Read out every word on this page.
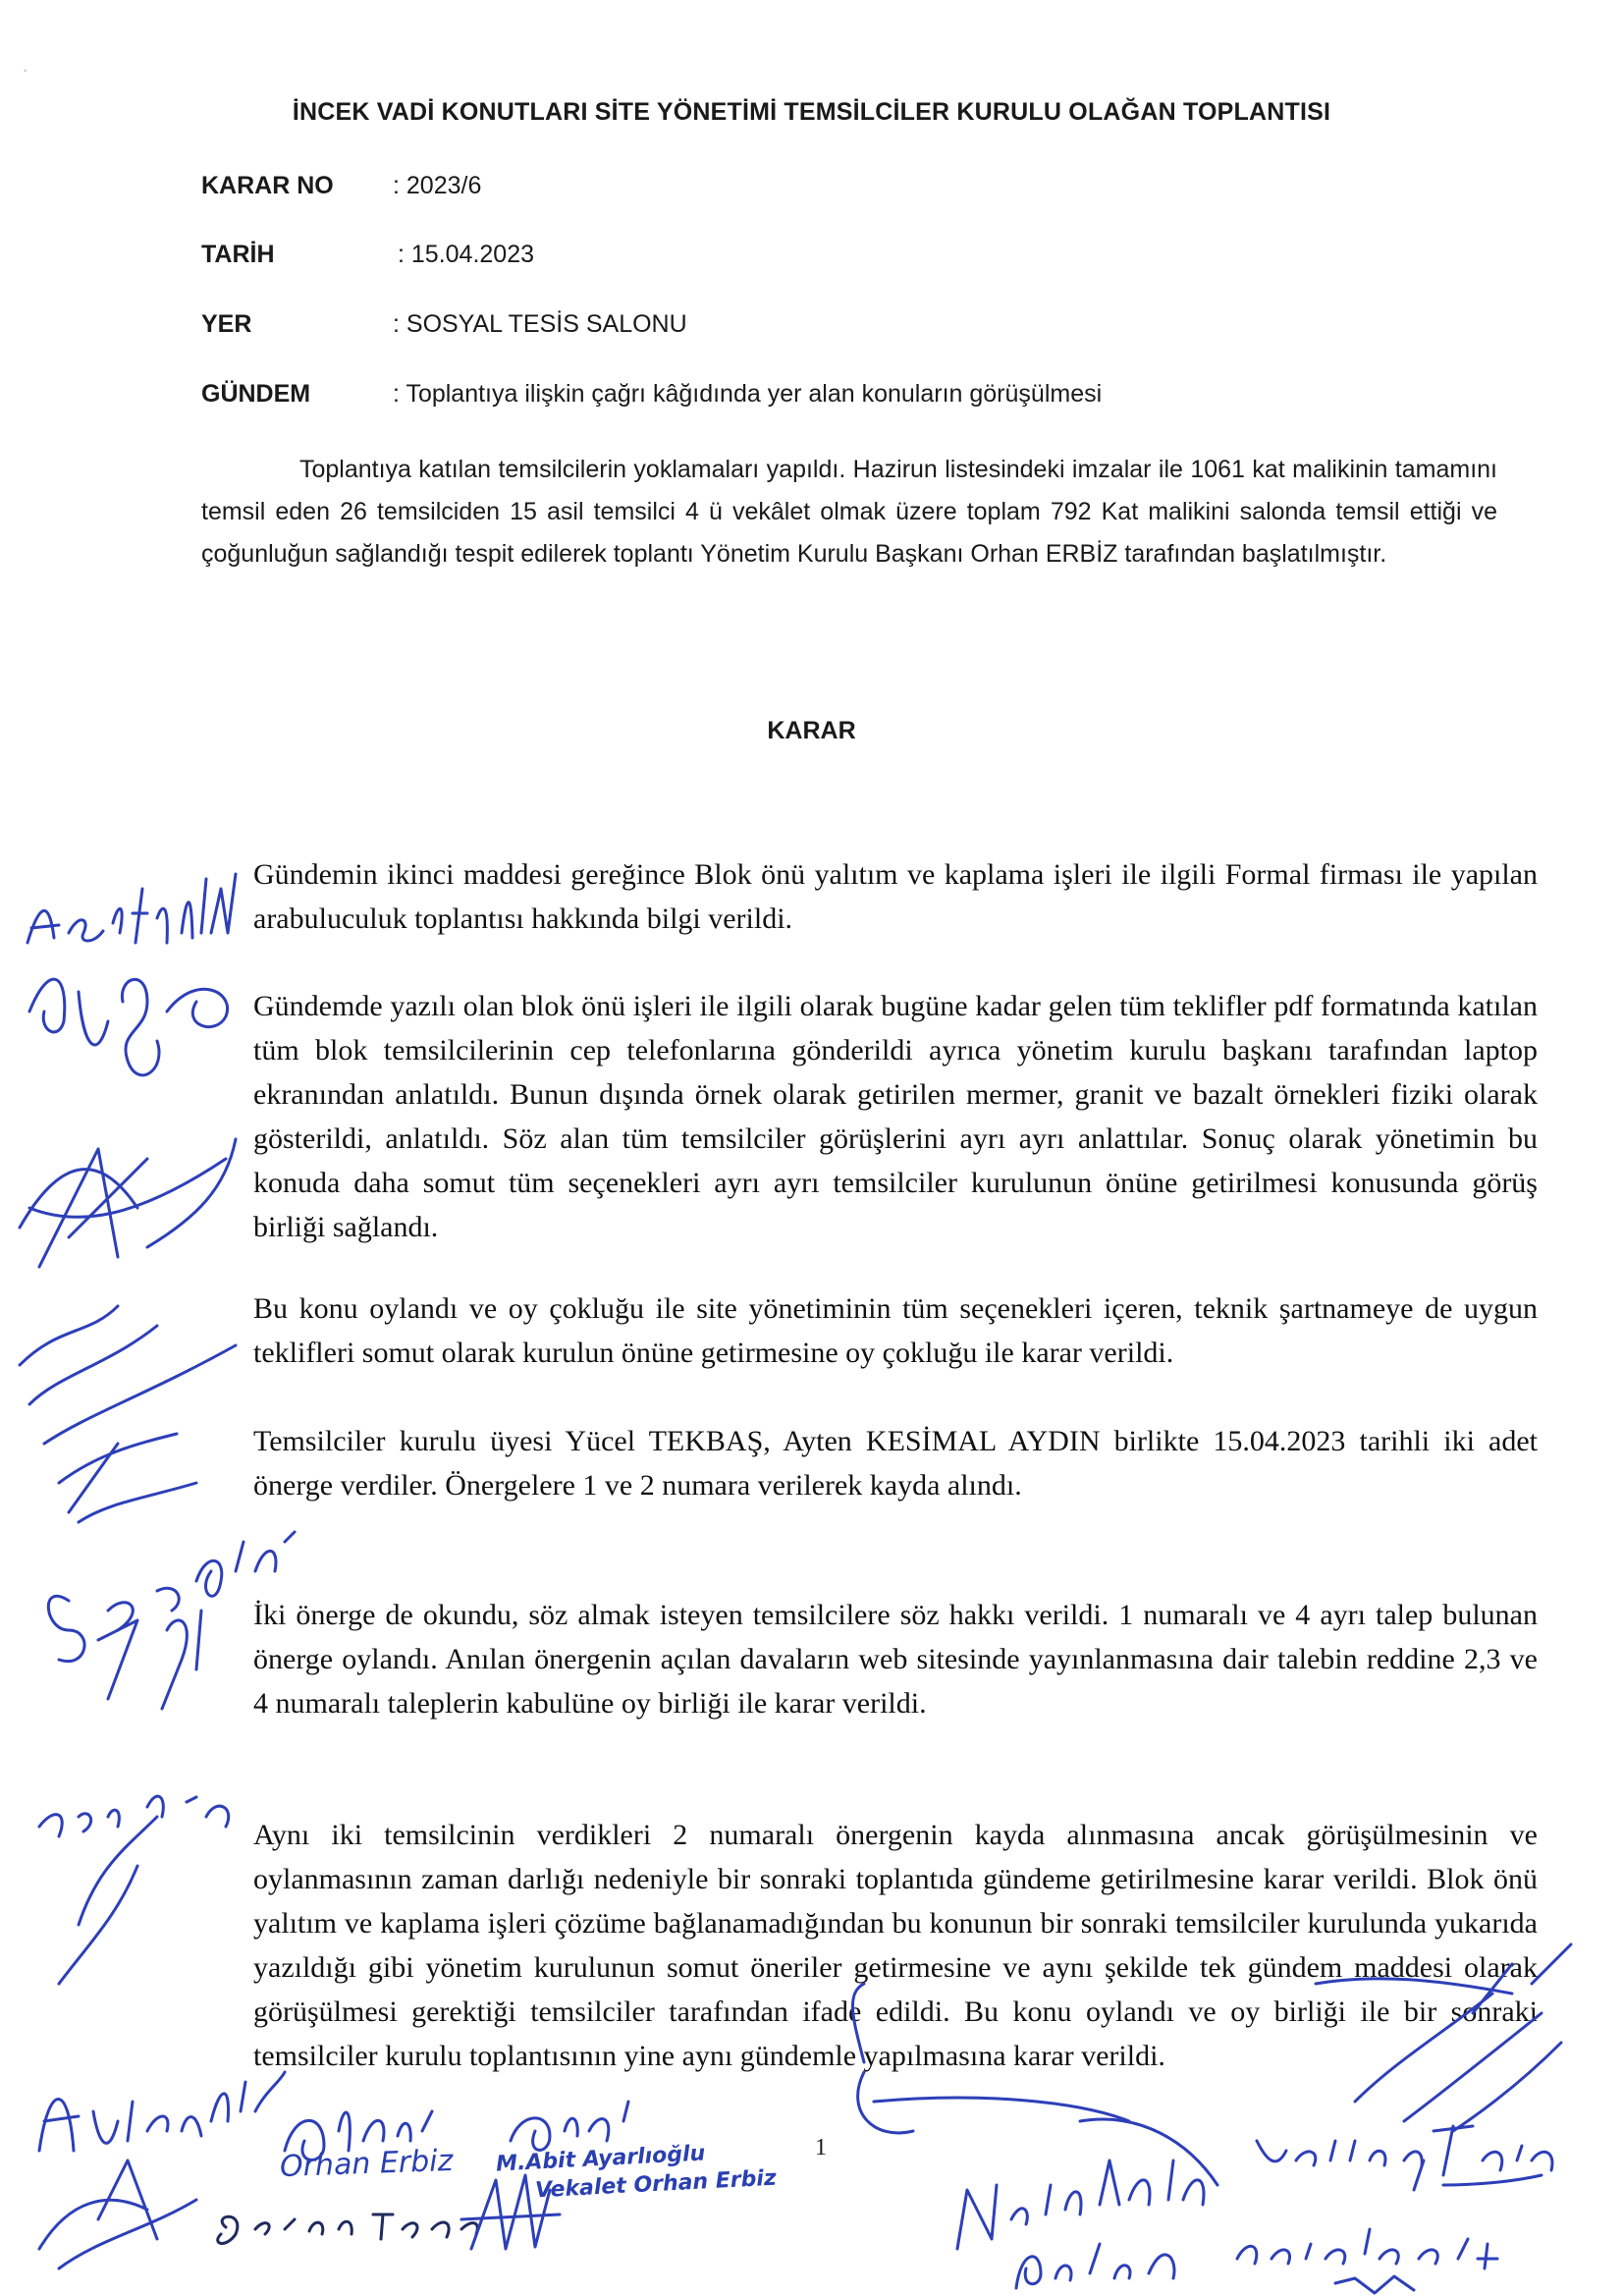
İNCEK VADİ KONUTLARI SİTE YÖNETİMİ TEMSİLCİLER KURULU OLAĞAN TOPLANTISI
KARAR NO : 2023/6
TARİH	: 15.04.2023
YER	: SOSYAL TESİS SALONU
GÜNDEM	: Toplantıya ilişkin çağrı kâğıdında yer alan konuların görüşülmesi
Toplantıya katılan temsilcilerin yoklamaları yapıldı. Hazirun listesindeki imzalar ile 1061 kat malikinin tamamını temsil eden 26 temsilciden 15 asil temsilci 4 ü vekâlet olmak üzere toplam 792 Kat malikini salonda temsil ettiği ve çoğunluğun sağlandığı tespit edilerek toplantı Yönetim Kurulu Başkanı Orhan ERBİZ tarafından başlatılmıştır.
KARAR
Gündemin ikinci maddesi gereğince Blok önü yalıtım ve kaplama işleri ile ilgili Formal firması ile yapılan arabuluculuk toplantısı hakkında bilgi verildi.
Gündemde yazılı olan blok önü işleri ile ilgili olarak bugüne kadar gelen tüm teklifler pdf formatında katılan tüm blok temsilcilerinin cep telefonlarına gönderildi ayrıca yönetim kurulu başkanı tarafından laptop ekranından anlatıldı. Bunun dışında örnek olarak getirilen mermer, granit ve bazalt örnekleri fiziki olarak gösterildi, anlatıldı. Söz alan tüm temsilciler görüşlerini ayrı ayrı anlattılar. Sonuç olarak yönetimin bu konuda daha somut tüm seçenekleri ayrı ayrı temsilciler kurulunun önüne getirilmesi konusunda görüş birliği sağlandı.
Bu konu oylandı ve oy çokluğu ile site yönetiminin tüm seçenekleri içeren, teknik şartnameye de uygun teklifleri somut olarak kurulun önüne getirmesine oy çokluğu ile karar verildi.
Temsilciler kurulu üyesi Yücel TEKBAŞ, Ayten KESİMAL AYDIN birlikte 15.04.2023 tarihli iki adet önerge verdiler. Önergelere 1 ve 2 numara verilerek kayda alındı.
İki önerge de okundu, söz almak isteyen temsilcilere söz hakkı verildi. 1 numaralı ve 4 ayrı talep bulunan önerge oylandı. Anılan önergenin açılan davaların web sitesinde yayınlanmasına dair talebin reddine 2,3 ve 4 numaralı taleplerin kabulüne oy birliği ile karar verildi.
Aynı iki temsilcinin verdikleri 2 numaralı önergenin kayda alınmasına ancak görüşülmesinin ve oylanmasının zaman darlığı nedeniyle bir sonraki toplantıda gündeme getirilmesine karar verildi. Blok önü yalıtım ve kaplama işleri çözüme bağlanamadığından bu konunun bir sonraki temsilciler kurulunda yukarıda yazıldığı gibi yönetim kurulunun somut öneriler getirmesine ve aynı şekilde tek gündem maddesi olarak görüşülmesi gerektiği temsilciler tarafından ifade edildi. Bu konu oylandı ve oy birliği ile bir sonraki temsilciler kurulu toplantısının yine aynı gündemle yapılmasına karar verildi.
1
·
Orhan Erbiz M.Abit Ayarlıoğlu
Vekalet Orhan Erbiz
